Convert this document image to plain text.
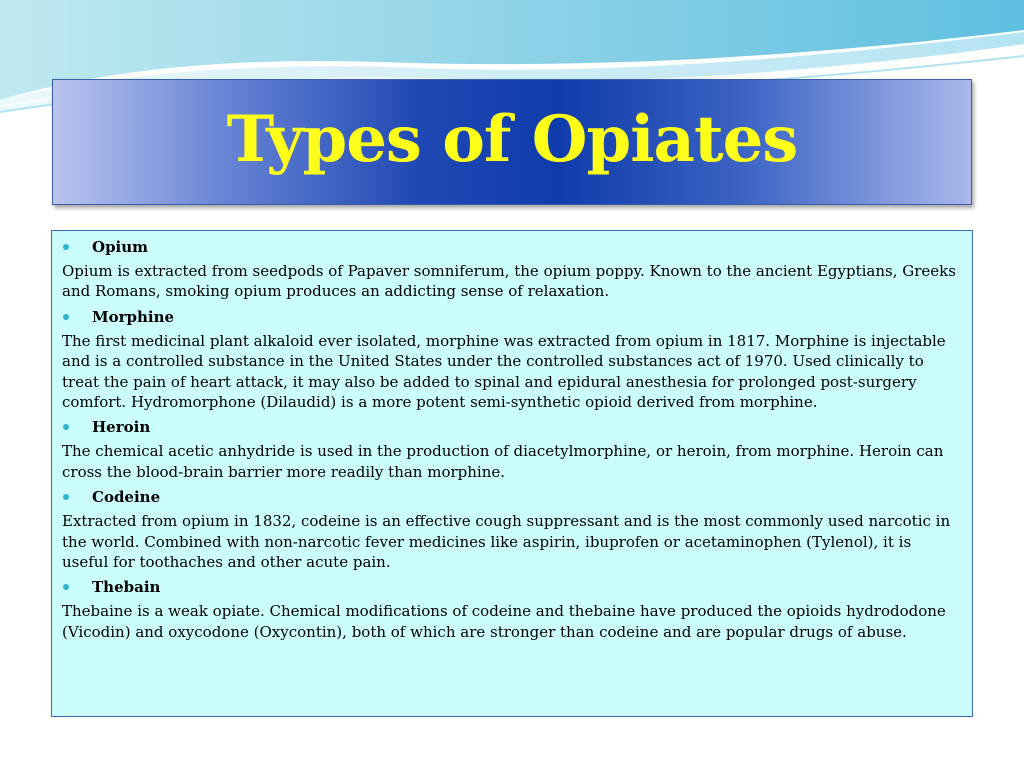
Types of Opiates
Opium

Opium is extracted from seedpods of Papaver somniferum, the opium poppy. Known to the ancient Egyptians, Greeks and Romans, smoking opium produces an addicting sense of relaxation.

Morphine

The first medicinal plant alkaloid ever isolated, morphine was extracted from opium in 1817. Morphine is injectable and is a controlled substance in the United States under the controlled substances act of 1970. Used clinically to treat the pain of heart attack, it may also be added to spinal and epidural anesthesia for prolonged post-surgery comfort. Hydromorphone (Dilaudid) is a more potent semi-synthetic opioid derived from morphine.

Heroin

The chemical acetic anhydride is used in the production of diacetylmorphine, or heroin, from morphine. Heroin can cross the blood-brain barrier more readily than morphine.

Codeine

Extracted from opium in 1832, codeine is an effective cough suppressant and is the most commonly used narcotic in the world. Combined with non-narcotic fever medicines like aspirin, ibuprofen or acetaminophen (Tylenol), it is useful for toothaches and other acute pain.

Thebain

Thebaine is a weak opiate. Chemical modifications of codeine and thebaine have produced the opioids hydrododone (Vicodin) and oxycodone (Oxycontin), both of which are stronger than codeine and are popular drugs of abuse.
